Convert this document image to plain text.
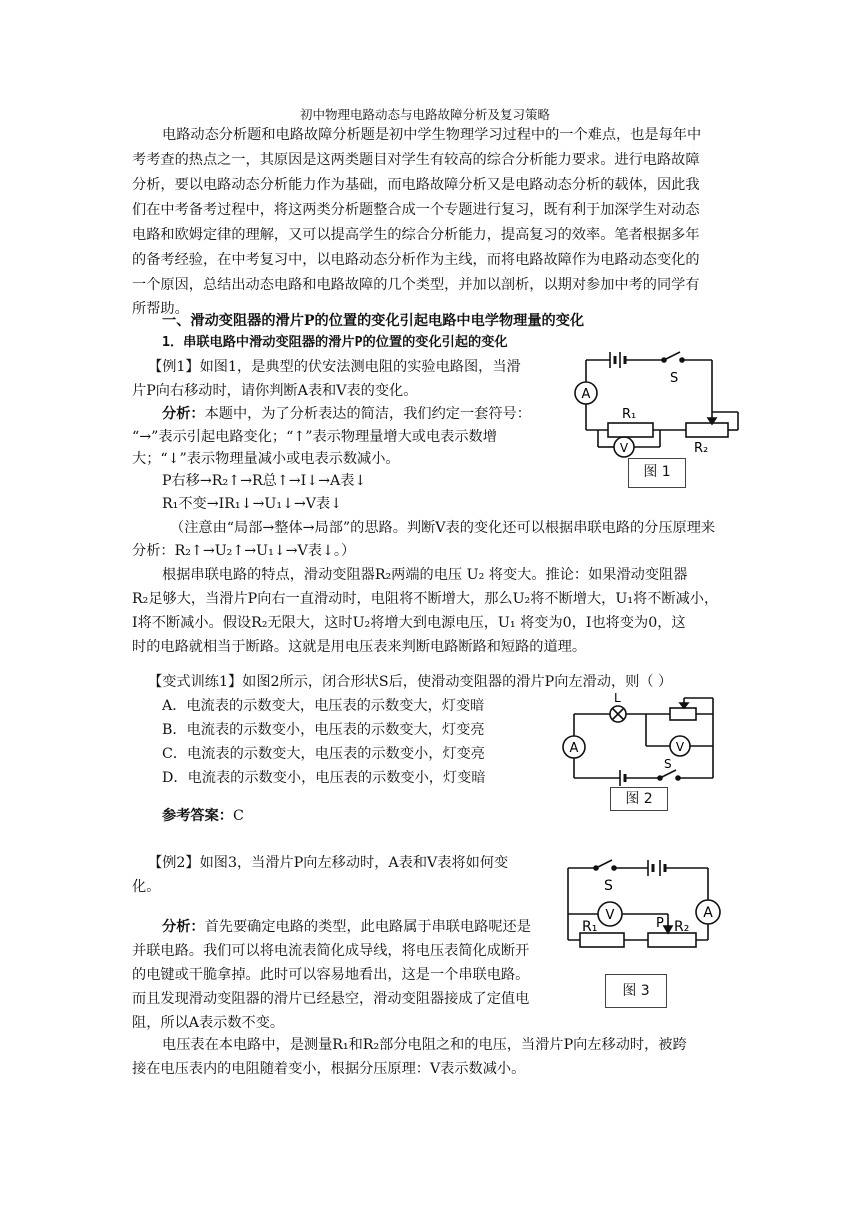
初中物理电路动态与电路故障分析及复习策略
电路动态分析题和电路故障分析题是初中学生物理学习过程中的一个难点，也是每年中
考考查的热点之一，其原因是这两类题目对学生有较高的综合分析能力要求。进行电路故障
分析，要以电路动态分析能力作为基础，而电路故障分析又是电路动态分析的载体，因此我
们在中考备考过程中，将这两类分析题整合成一个专题进行复习，既有利于加深学生对动态
电路和欧姆定律的理解，又可以提高学生的综合分析能力，提高复习的效率。笔者根据多年
的备考经验，在中考复习中，以电路动态分析作为主线，而将电路故障作为电路动态变化的
一个原因，总结出动态电路和电路故障的几个类型，并加以剖析，以期对参加中考的同学有
所帮助。
一、滑动变阻器的滑片P的位置的变化引起电路中电学物理量的变化
1．串联电路中滑动变阻器的滑片P的位置的变化引起的变化
【例1】如图1，是典型的伏安法测电阻的实验电路图，当滑
片P向右移动时，请你判断A表和V表的变化。
分析：本题中，为了分析表达的简洁，我们约定一套符号：
“→”表示引起电路变化；“↑”表示物理量增大或电表示数增
大；“↓”表示物理量减小或电表示数减小。
P右移→R₂↑→R总↑→I↓→A表↓
R₁不变→IR₁↓→U₁↓→V表↓
（注意由“局部→整体→局部”的思路。判断V表的变化还可以根据串联电路的分压原理来
分析：R₂↑→U₂↑→U₁↓→V表↓。）
根据串联电路的特点，滑动变阻器R₂两端的电压 U₂ 将变大。推论：如果滑动变阻器
R₂足够大，当滑片P向右一直滑动时，电阻将不断增大，那么U₂将不断增大，U₁将不断减小，
I将不断减小。假设R₂无限大，这时U₂将增大到电源电压，U₁ 将变为0，I也将变为0，这
时的电路就相当于断路。这就是用电压表来判断电路断路和短路的道理。
【变式训练1】如图2所示，闭合形状S后，使滑动变阻器的滑片P向左滑动，则（ ）
A．电流表的示数变大，电压表的示数变大，灯变暗
B．电流表的示数变小，电压表的示数变大，灯变亮
C．电流表的示数变大，电压表的示数变小，灯变亮
D．电流表的示数变小，电压表的示数变小，灯变暗
参考答案：C
【例2】如图3，当滑片P向左移动时，A表和V表将如何变
化。
分析：首先要确定电路的类型，此电路属于串联电路呢还是
并联电路。我们可以将电流表简化成导线，将电压表简化成断开
的电键或干脆拿掉。此时可以容易地看出，这是一个串联电路。
而且发现滑动变阻器的滑片已经悬空，滑动变阻器接成了定值电
阻，所以A表示数不变。
电压表在本电路中，是测量R₁和R₂部分电阻之和的电压，当滑片P向左移动时，被跨
接在电压表内的电阻随着变小，根据分压原理：V表示数减小。
A
V
S
R₁
R₂
图 1
L
A	V
S
图 2
S
A
V
R₁	R₂
P
图 3
